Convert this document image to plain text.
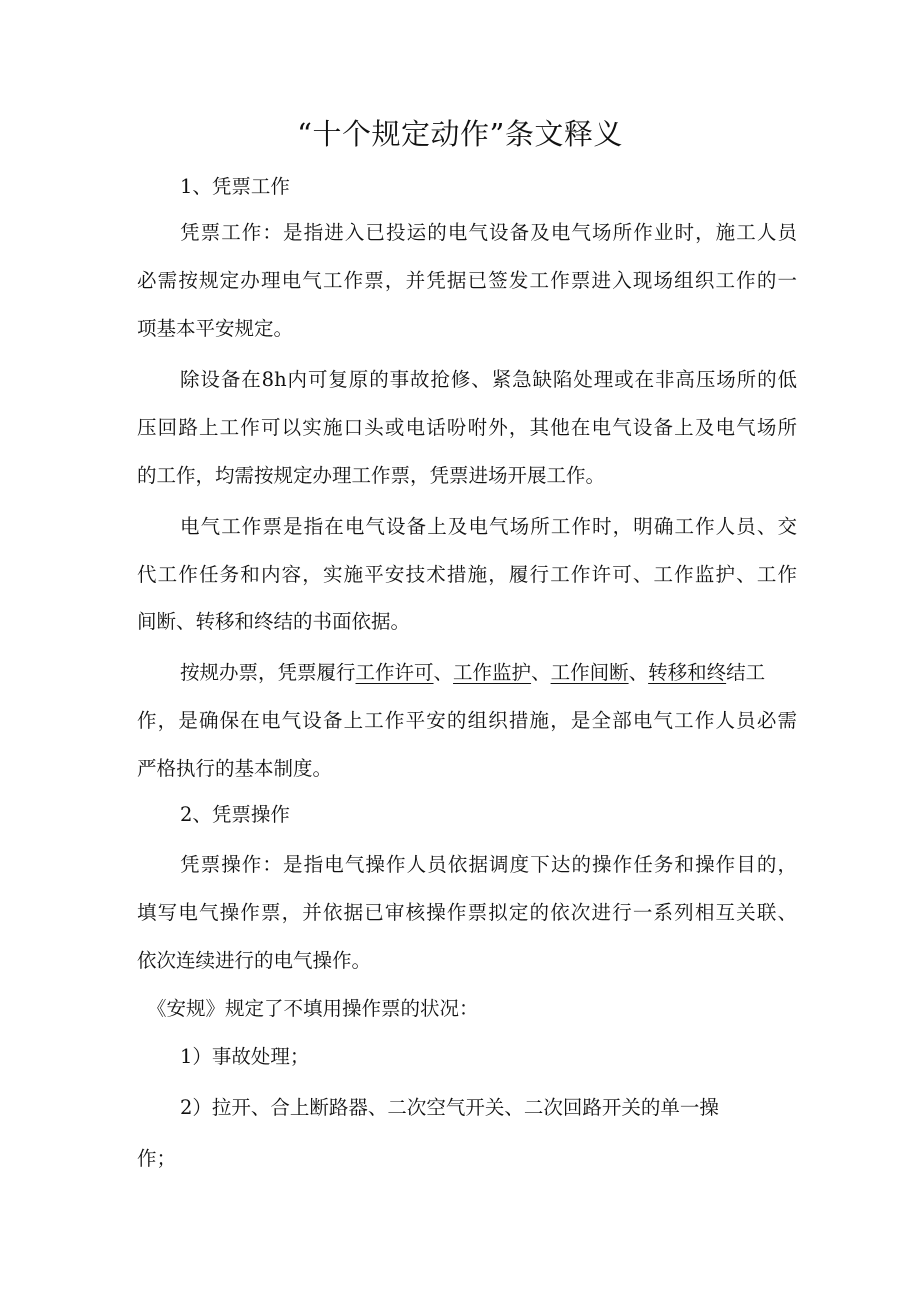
“十个规定动作”条文释义
1、凭票工作
凭票工作：是指进入已投运的电气设备及电气场所作业时，施工人员
必需按规定办理电气工作票，并凭据已签发工作票进入现场组织工作的一
项基本平安规定。
除设备在8h内可复原的事故抢修、紧急缺陷处理或在非高压场所的低
压回路上工作可以实施口头或电话吩咐外，其他在电气设备上及电气场所
的工作，均需按规定办理工作票，凭票进场开展工作。
电气工作票是指在电气设备上及电气场所工作时，明确工作人员、交
代工作任务和内容，实施平安技术措施，履行工作许可、工作监护、工作
间断、转移和终结的书面依据。
按规办票，凭票履行工作许可、工作监护、工作间断、转移和终结工
作，是确保在电气设备上工作平安的组织措施，是全部电气工作人员必需
严格执行的基本制度。
2、凭票操作
凭票操作：是指电气操作人员依据调度下达的操作任务和操作目的，
填写电气操作票，并依据已审核操作票拟定的依次进行一系列相互关联、
依次连续进行的电气操作。
《安规》规定了不填用操作票的状况：
1）事故处理；
2）拉开、合上断路器、二次空气开关、二次回路开关的单一操
作；
